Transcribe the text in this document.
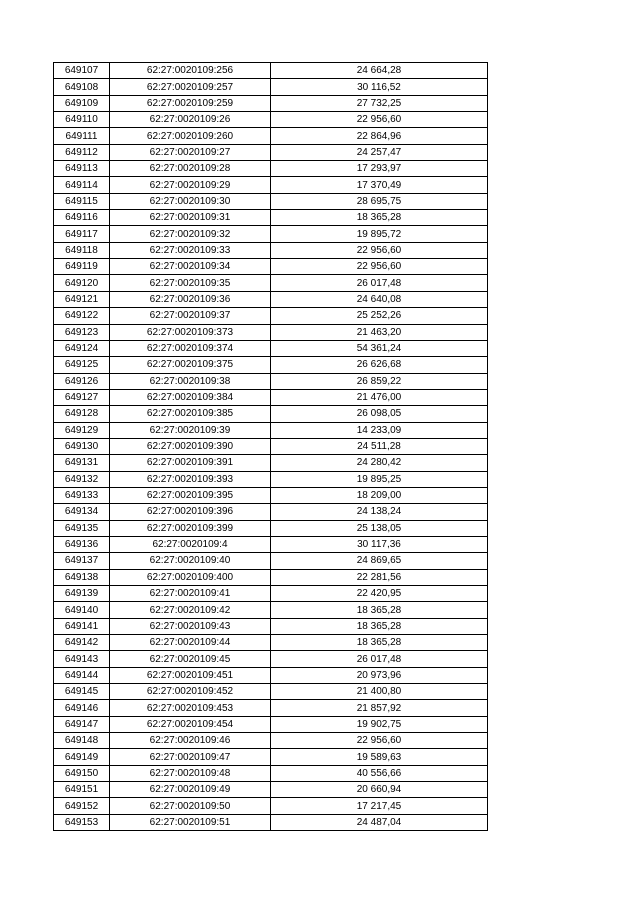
649107	62:27:0020109:256	24 664,28
649108	62:27:0020109:257	30 116,52
649109	62:27:0020109:259	27 732,25
649110	62:27:0020109:26	22 956,60
649111	62:27:0020109:260	22 864,96
649112	62:27:0020109:27	24 257,47
649113	62:27:0020109:28	17 293,97
649114	62:27:0020109:29	17 370,49
649115	62:27:0020109:30	28 695,75
649116	62:27:0020109:31	18 365,28
649117	62:27:0020109:32	19 895,72
649118	62:27:0020109:33	22 956,60
649119	62:27:0020109:34	22 956,60
649120	62:27:0020109:35	26 017,48
649121	62:27:0020109:36	24 640,08
649122	62:27:0020109:37	25 252,26
649123	62:27:0020109:373	21 463,20
649124	62:27:0020109:374	54 361,24
649125	62:27:0020109:375	26 626,68
649126	62:27:0020109:38	26 859,22
649127	62:27:0020109:384	21 476,00
649128	62:27:0020109:385	26 098,05
649129	62:27:0020109:39	14 233,09
649130	62:27:0020109:390	24 511,28
649131	62:27:0020109:391	24 280,42
649132	62:27:0020109:393	19 895,25
649133	62:27:0020109:395	18 209,00
649134	62:27:0020109:396	24 138,24
649135	62:27:0020109:399	25 138,05
649136	62:27:0020109:4	30 117,36
649137	62:27:0020109:40	24 869,65
649138	62:27:0020109:400	22 281,56
649139	62:27:0020109:41	22 420,95
649140	62:27:0020109:42	18 365,28
649141	62:27:0020109:43	18 365,28
649142	62:27:0020109:44	18 365,28
649143	62:27:0020109:45	26 017,48
649144	62:27:0020109:451	20 973,96
649145	62:27:0020109:452	21 400,80
649146	62:27:0020109:453	21 857,92
649147	62:27:0020109:454	19 902,75
649148	62:27:0020109:46	22 956,60
649149	62:27:0020109:47	19 589,63
649150	62:27:0020109:48	40 556,66
649151	62:27:0020109:49	20 660,94
649152	62:27:0020109:50	17 217,45
649153	62:27:0020109:51	24 487,04
